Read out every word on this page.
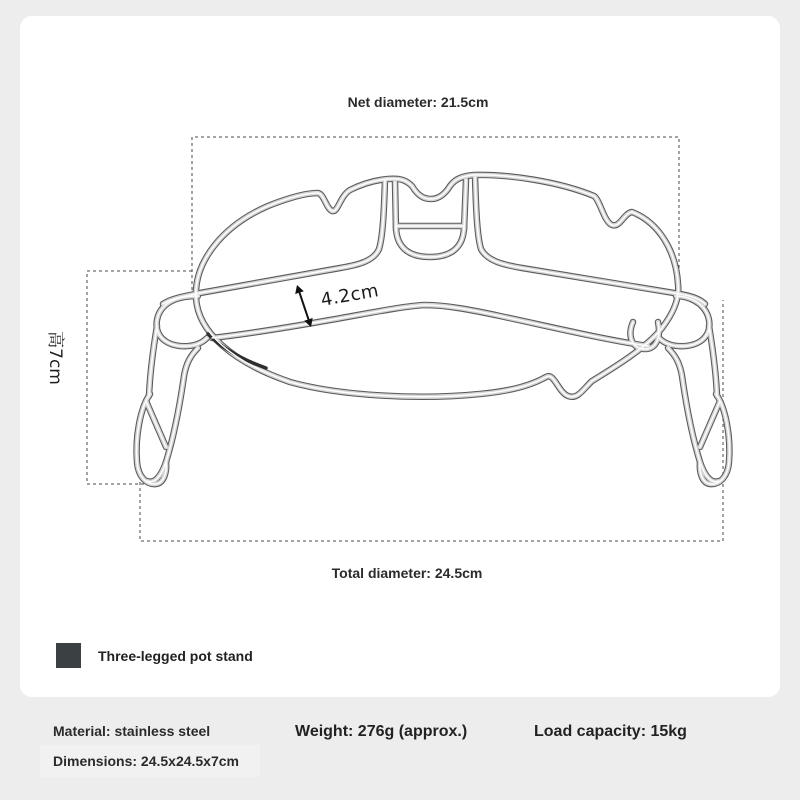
4.2cm
Net diameter: 21.5cm
Total diameter: 24.5cm
高7cm
Three-legged pot stand
Material: stainless steel
Dimensions: 24.5x24.5x7cm
Weight: 276g (approx.)	Load capacity: 15kg
